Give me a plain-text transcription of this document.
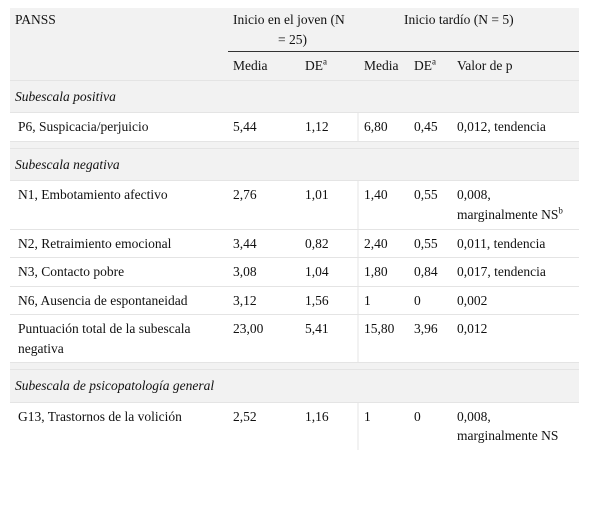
PANSS	Inicio en el joven (N

= 25)			Inicio tardío (N = 5)		
	Media	$DE^a$		Media	$DE^a$	Valor de p
Subescala positiva						
P6, Suspicacia/perjuicio	5,44	1,12		6,80	0,45	0,012, tendencia

Subescala negativa						
N1, Embotamiento afectivo	2,76	1,01		1,40	0,55	0,008, marginalmente $NS^b$
N2, Retraimiento emocional	3,44	0,82		2,40	0,55	0,011, tendencia
N3, Contacto pobre	3,08	1,04		1,80	0,84	0,017, tendencia
N6, Ausencia de espontaneidad	3,12	1,56		1	0	0,002
Puntuación total de la subescala negativa	23,00	5,41		15,80	3,96	0,012

Subescala de psicopatología general						
G13, Trastornos de la volición	2,52	1,16		1	0	0,008, marginalmente NS
